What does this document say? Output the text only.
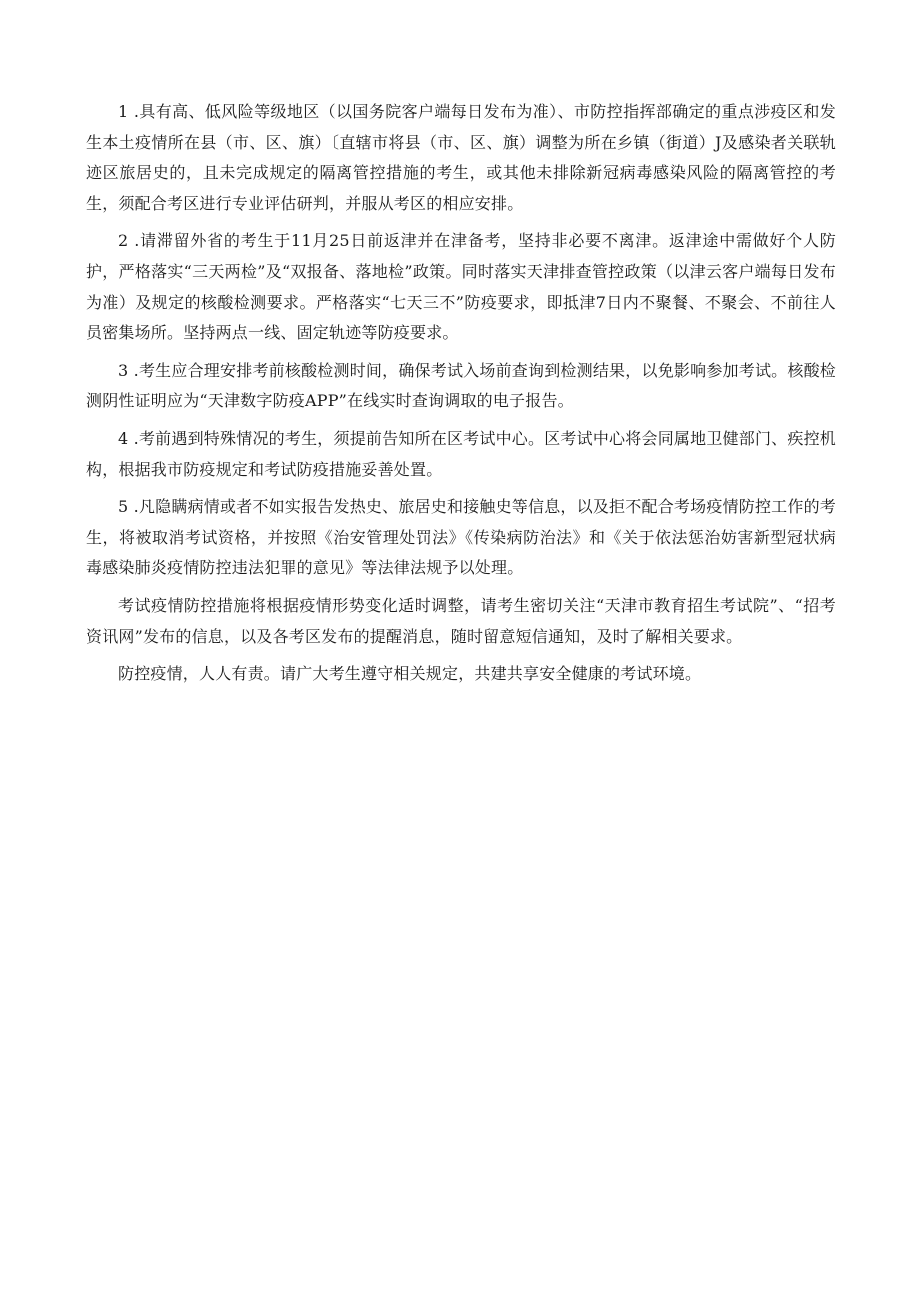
1 .具有高、低风险等级地区（以国务院客户端每日发布为准）、市防控指挥部确定的重点涉疫区和发生本土疫情所在县（市、区、旗）〔直辖市将县（市、区、旗）调整为所在乡镇（街道）J及感染者关联轨迹区旅居史的，且未完成规定的隔离管控措施的考生，或其他未排除新冠病毒感染风险的隔离管控的考生，须配合考区进行专业评估研判，并服从考区的相应安排。

2 .请滞留外省的考生于11月25日前返津并在津备考，坚持非必要不离津。返津途中需做好个人防护，严格落实“三天两检”及“双报备、落地检”政策。同时落实天津排查管控政策（以津云客户端每日发布为准）及规定的核酸检测要求。严格落实“七天三不”防疫要求，即抵津7日内不聚餐、不聚会、不前往人员密集场所。坚持两点一线、固定轨迹等防疫要求。

3 .考生应合理安排考前核酸检测时间，确保考试入场前查询到检测结果，以免影响参加考试。核酸检测阴性证明应为“天津数字防疫APP”在线实时查询调取的电子报告。

4 .考前遇到特殊情况的考生，须提前告知所在区考试中心。区考试中心将会同属地卫健部门、疾控机构，根据我市防疫规定和考试防疫措施妥善处置。

5 .凡隐瞒病情或者不如实报告发热史、旅居史和接触史等信息，以及拒不配合考场疫情防控工作的考生，将被取消考试资格，并按照《治安管理处罚法》《传染病防治法》和《关于依法惩治妨害新型冠状病毒感染肺炎疫情防控违法犯罪的意见》等法律法规予以处理。

考试疫情防控措施将根据疫情形势变化适时调整，请考生密切关注“天津市教育招生考试院”、“招考资讯网”发布的信息，以及各考区发布的提醒消息，随时留意短信通知，及时了解相关要求。

防控疫情，人人有责。请广大考生遵守相关规定，共建共享安全健康的考试环境。
